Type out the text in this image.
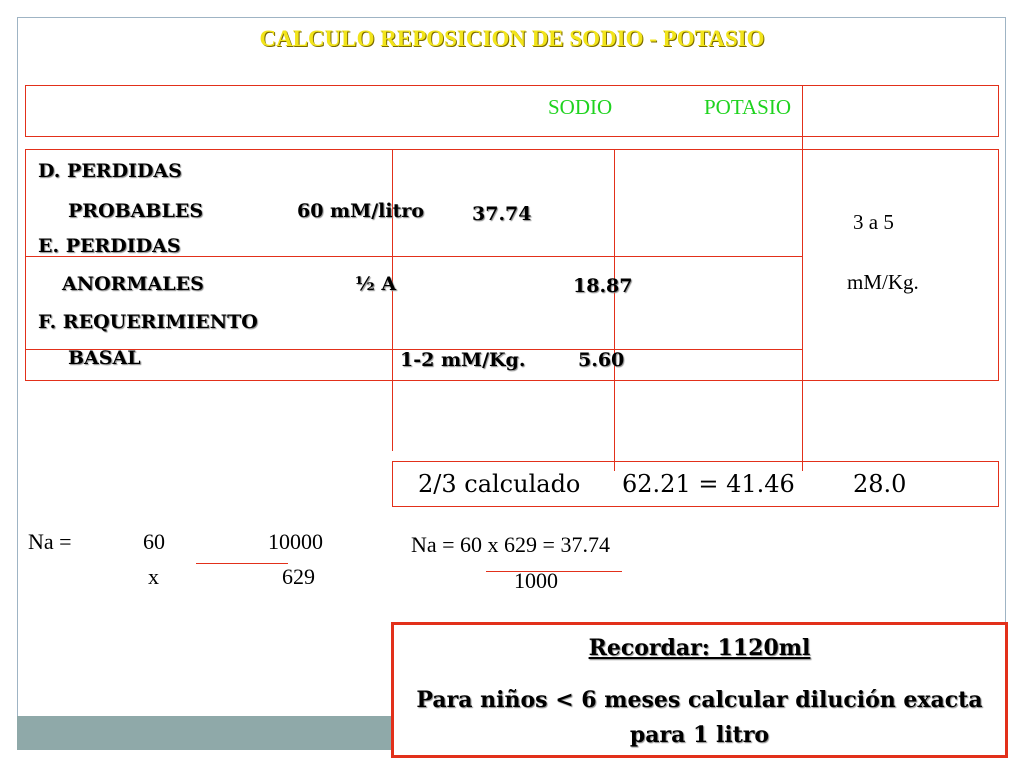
CALCULO REPOSICION DE SODIO - POTASIO
SODIO	POTASIO
D. PERDIDAS
PROBABLES	60 mM/litro	37.74
E. PERDIDAS
ANORMALES	½ A	18.87
F. REQUERIMIENTO
BASAL	1-2 mM/Kg.	5.60
3 a 5
mM/Kg.
2/3 calculado 62.21 = 41.46 28.0
Na =	60	10000
x	629
Na = 60 x 629 = 37.74
1000
Recordar: 1120ml
Para niños < 6 meses calcular dilución exacta para 1 litro
